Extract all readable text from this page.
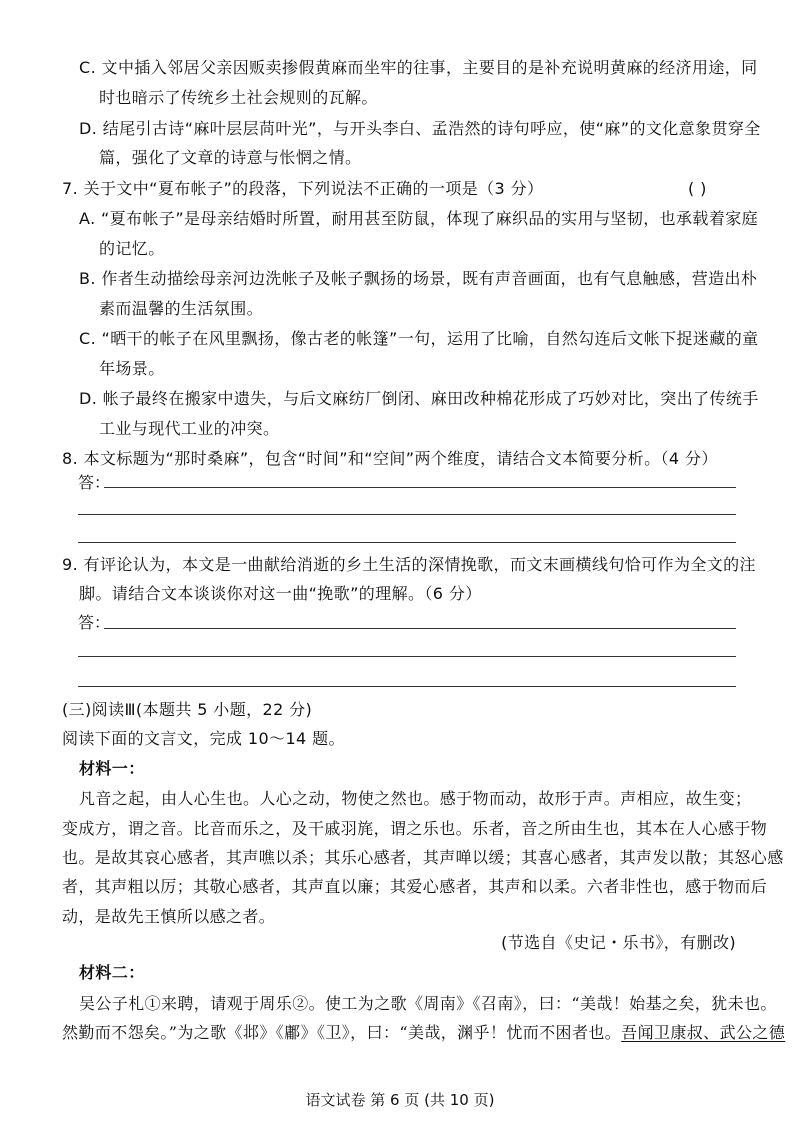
C. 文中插入邻居父亲因贩卖掺假黄麻而坐牢的往事，主要目的是补充说明黄麻的经济用途，同
时也暗示了传统乡土社会规则的瓦解。
D. 结尾引古诗“麻叶层层苘叶光”，与开头李白、孟浩然的诗句呼应，使“麻”的文化意象贯穿全
篇，强化了文章的诗意与怅惘之情。
7. 关于文中“夏布帐子”的段落，下列说法不正确的一项是（3 分）	( )
A. “夏布帐子”是母亲结婚时所置，耐用甚至防鼠，体现了麻织品的实用与坚韧，也承载着家庭
的记忆。
B. 作者生动描绘母亲河边洗帐子及帐子飘扬的场景，既有声音画面，也有气息触感，营造出朴
素而温馨的生活氛围。
C. “晒干的帐子在风里飘扬，像古老的帐篷”一句，运用了比喻，自然勾连后文帐下捉迷藏的童
年场景。
D. 帐子最终在搬家中遗失，与后文麻纺厂倒闭、麻田改种棉花形成了巧妙对比，突出了传统手
工业与现代工业的冲突。
8. 本文标题为“那时桑麻”，包含“时间”和“空间”两个维度，请结合文本简要分析。（4 分）
答：
9. 有评论认为，本文是一曲献给消逝的乡土生活的深情挽歌，而文末画横线句恰可作为全文的注
脚。请结合文本谈谈你对这一曲“挽歌”的理解。（6 分）
答：
(三)阅读Ⅲ(本题共 5 小题，22 分)
阅读下面的文言文，完成 10～14 题。
材料一：
凡音之起，由人心生也。人心之动，物使之然也。感于物而动，故形于声。声相应，故生变；
变成方，谓之音。比音而乐之，及干戚羽旄，谓之乐也。乐者，音之所由生也，其本在人心感于物
也。是故其哀心感者，其声噍以杀；其乐心感者，其声啴以缓；其喜心感者，其声发以散；其怒心感
者，其声粗以厉；其敬心感者，其声直以廉；其爱心感者，其声和以柔。六者非性也，感于物而后
动，是故先王慎所以感之者。
(节选自《史记・乐书》，有删改)
材料二：
吴公子札①来聘，请观于周乐②。使工为之歌《周南》《召南》，曰：“美哉！始基之矣，犹未也。
然勤而不怨矣。”为之歌《邶》《鄘》《卫》，曰：“美哉，渊乎！忧而不困者也。吾闻卫康叔、武公之德
语文试卷 第 6 页 (共 10 页)
